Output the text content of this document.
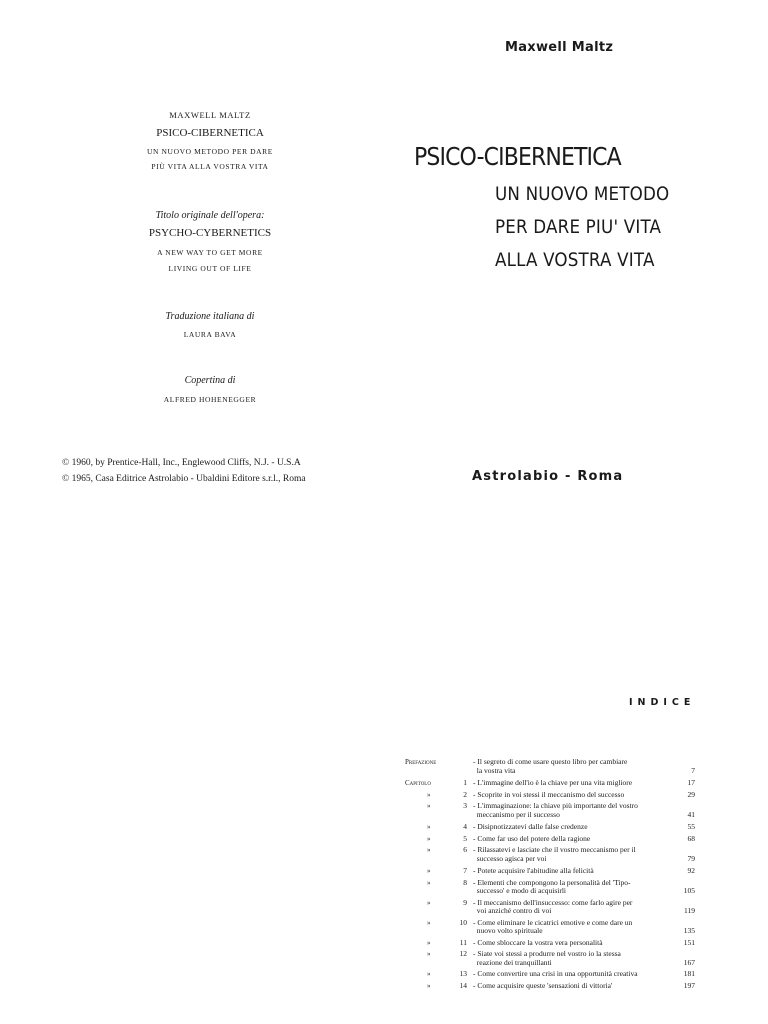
MAXWELL MALTZ
PSICO-CIBERNETICA
UN NUOVO METODO PER DARE
PIÙ VITA ALLA VOSTRA VITA
Titolo originale dell'opera:
PSYCHO-CYBERNETICS
A NEW WAY TO GET MORE
LIVING OUT OF LIFE
Traduzione italiana di
LAURA BAVA
Copertina di
ALFRED HOHENEGGER
© 1960, by Prentice-Hall, Inc., Englewood Cliffs, N.J. - U.S.A
© 1965, Casa Editrice Astrolabio - Ubaldini Editore s.r.l., Roma
Maxwell Maltz
PSICO-CIBERNETICA
UN NUOVO METODO
PER DARE PIU' VITA
ALLA VOSTRA VITA
Astrolabio - Roma
INDICE
Prefazione	- Il segreto di come usare questo libro per cambiare
la vostra vita	7
Capitolo	1 - L'immagine dell'io è la chiave per una vita migliore	17
»	2 - Scoprite in voi stessi il meccanismo del successo	29
»	3 - L'immaginazione: la chiave più importante del vostro
meccanismo per il successo	41
»	4 - Disipnotizzatevi dalle false credenze	55
»	5 - Come far uso del potere della ragione	68
»	6 - Rilassatevi e lasciate che il vostro meccanismo per il
successo agisca per voi	79
»	7 - Potete acquisire l'abitudine alla felicità	92
»	8 - Elementi che compongono la personalità del 'Tipo-
successo' e modo di acquisirli	105
»	9 - Il meccanismo dell'insuccesso: come farlo agire per
voi anziché contro di voi	119
»	10 - Come eliminare le cicatrici emotive e come dare un
nuovo volto spirituale	135
»	11 - Come sbloccare la vostra vera personalità	151
»	12 - Siate voi stessi a produrre nel vostro io la stessa
reazione dei tranquillanti	167
»	13 - Come convertire una crisi in una opportunità creativa	181
»	14 - Come acquisire queste 'sensazioni di vittoria'	197
